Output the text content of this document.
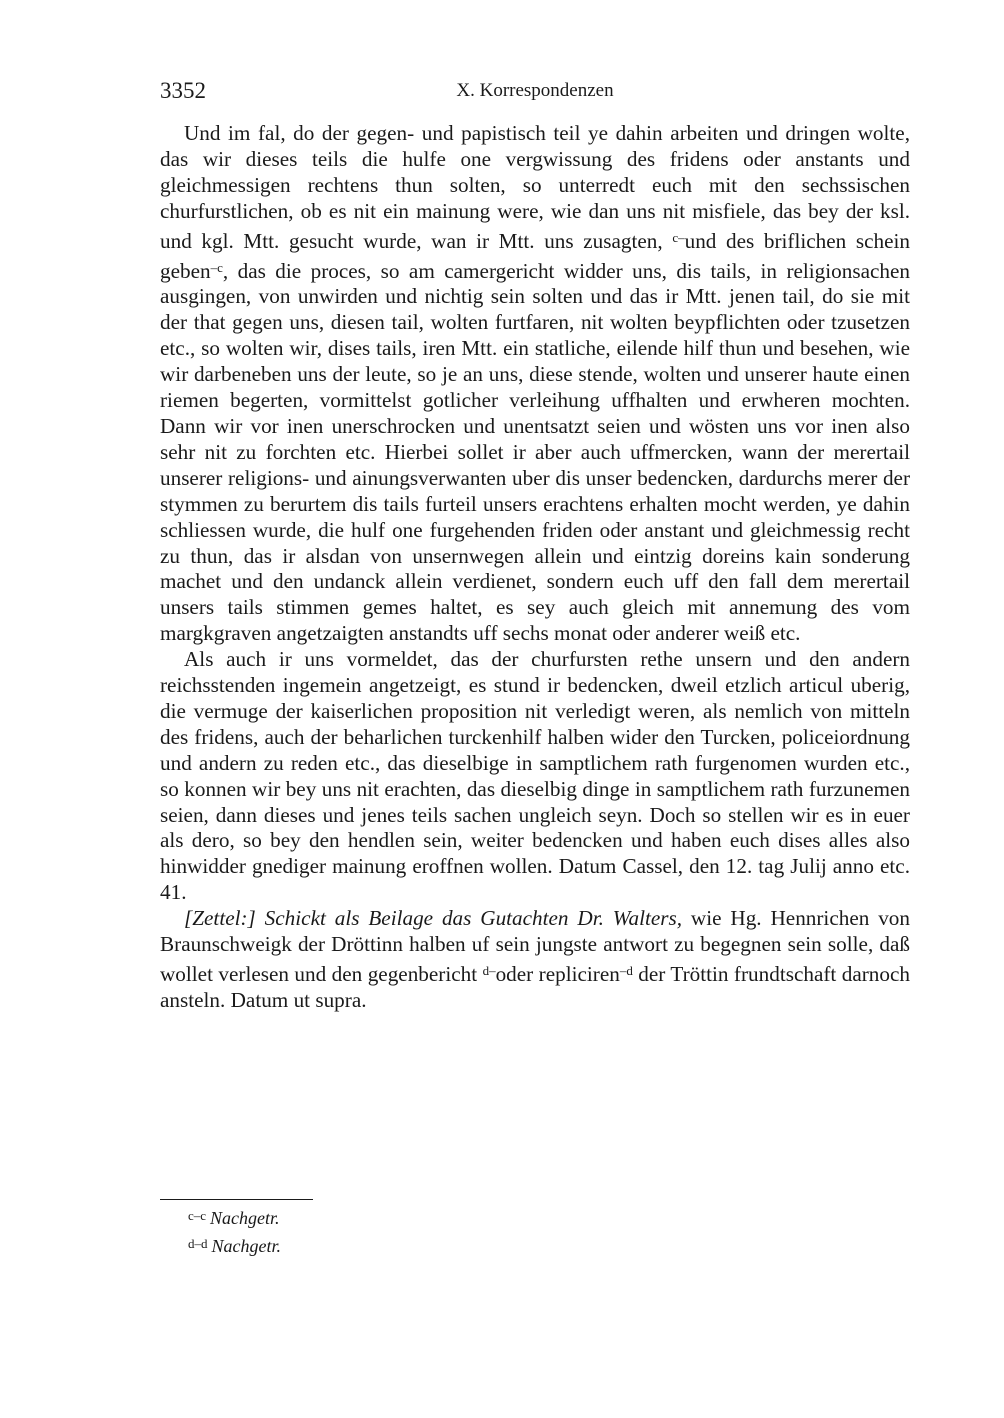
3352	X. Korrespondenzen

Und im fal, do der gegen- und papistisch teil ye dahin arbeiten und dringen wolte, das wir dieses teils die hulfe one vergwissung des fridens oder anstants und gleichmessigen rechtens thun solten, so unterredt euch mit den sechssischen churfurstlichen, ob es nit ein mainung were, wie dan uns nit misfiele, das bey der ksl. und kgl. Mtt. gesucht wurde, wan ir Mtt. uns zusagten, $^{c-}$und des briflichen schein geben$^{-c}$, das die proces, so am camergericht widder uns, dis tails, in religionsachen ausgingen, von unwirden und nichtig sein solten und das ir Mtt. jenen tail, do sie mit der that gegen uns, diesen tail, wolten furtfaren, nit wolten beypflichten oder tzusetzen etc., so wolten wir, dises tails, iren Mtt. ein statliche, eilende hilf thun und besehen, wie wir darbeneben uns der leute, so je an uns, diese stende, wolten und unserer haute einen riemen begerten, vormittelst gotlicher verleihung uffhalten und erwheren mochten. Dann wir vor inen unerschrocken und unentsatzt seien und wösten uns vor inen also sehr nit zu forchten etc. Hierbei sollet ir aber auch uffmercken, wann der merertail unserer religions- und ainungsverwanten uber dis unser bedencken, dardurchs merer der stymmen zu berurtem dis tails furteil unsers erachtens erhalten mocht werden, ye dahin schliessen wurde, die hulf one furgehenden friden oder anstant und gleichmessig recht zu thun, das ir alsdan von unsernwegen allein und eintzig doreins kain sonderung machet und den undanck allein verdienet, sondern euch uff den fall dem merertail unsers tails stimmen gemes haltet, es sey auch gleich mit annemung des vom margkgraven angetzaigten anstandts uff sechs monat oder anderer weiß etc.

Als auch ir uns vormeldet, das der churfursten rethe unsern und den andern reichsstenden ingemein angetzeigt, es stund ir bedencken, dweil etzlich articul uberig, die vermuge der kaiserlichen proposition nit verledigt weren, als nemlich von mitteln des fridens, auch der beharlichen turckenhilf halben wider den Turcken, policeiordnung und andern zu reden etc., das dieselbige in samptlichem rath furgenomen wurden etc., so konnen wir bey uns nit erachten, das dieselbig dinge in samptlichem rath furzunemen seien, dann dieses und jenes teils sachen ungleich seyn. Doch so stellen wir es in euer als dero, so bey den hendlen sein, weiter bedencken und haben euch dises alles also hinwidder gnediger mainung eroffnen wollen. Datum Cassel, den 12. tag Julij anno etc. 41.

[Zettel:] Schickt als Beilage das Gutachten Dr. Walters, wie Hg. Hennrichen von Braunschweigk der Dröttinn halben uf sein jungste antwort zu begegnen sein solle, daß wollet verlesen und den gegenbericht $^{d-}$oder repliciren$^{-d}$ der Tröttin frundtschaft darnoch ansteln. Datum ut supra.

$^{c-c}$ Nachgetr.
$^{d-d}$ Nachgetr.
